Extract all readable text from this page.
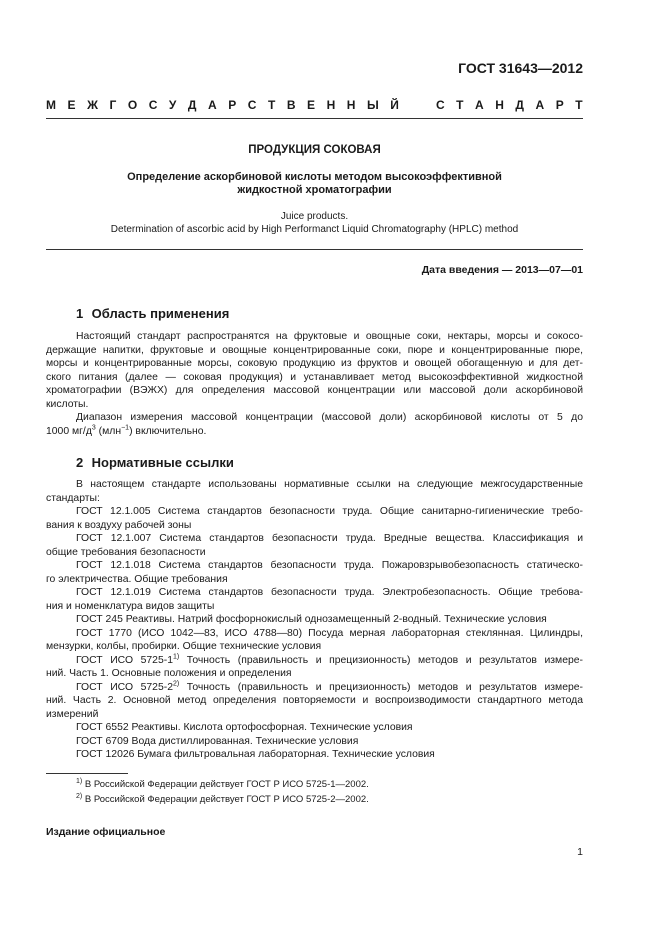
ГОСТ 31643—2012
М Е Ж Г О С У Д А Р С Т В Е Н Н Ы Й	С Т А Н Д А Р Т
ПРОДУКЦИЯ СОКОВАЯ
Определение аскорбиновой кислоты методом высокоэффективной
жидкостной хроматографии
Juice products.
Determination of ascorbic acid by High Performanct Liquid Chromatography (HPLC) method
Дата введения — 2013—07—01
1 Область применения
Настоящий стандарт распространятся на фруктовые и овощные соки, нектары, морсы и сокосо-
держащие напитки, фруктовые и овощные концентрированные соки, пюре и концентрированные пюре,
морсы и концентрированные морсы, соковую продукцию из фруктов и овощей обогащенную и для дет-
ского питания (далее — соковая продукция) и устанавливает метод высокоэффективной жидкостной
хроматографии (ВЭЖХ) для определения массовой концентрации или массовой доли аскорбиновой
кислоты.
Диапазон измерения массовой концентрации (массовой доли) аскорбиновой кислоты от 5 до
1000 $мг/д^3$ (млн$^{-1}$) включительно.
2 Нормативные ссылки
В настоящем стандарте использованы нормативные ссылки на следующие межгосударственные
стандарты:
ГОСТ 12.1.005 Система стандартов безопасности труда. Общие санитарно-гигиенические требо-
вания к воздуху рабочей зоны
ГОСТ 12.1.007 Система стандартов безопасности труда. Вредные вещества. Классификация и
общие требования безопасности
ГОСТ 12.1.018 Система стандартов безопасности труда. Пожаровзрывобезопасность статическо-
го электричества. Общие требования
ГОСТ 12.1.019 Система стандартов безопасности труда. Электробезопасность. Общие требова-
ния и номенклатура видов защиты
ГОСТ 245 Реактивы. Натрий фосфорнокислый однозамещенный 2-водный. Технические условия
ГОСТ 1770 (ИСО 1042—83, ИСО 4788—80) Посуда мерная лабораторная стеклянная. Цилиндры,
мензурки, колбы, пробирки. Общие технические условия
ГОСТ ИСО 5725-1$^{1)}$ Точность (правильность и прецизионность) методов и результатов измере-
ний. Часть 1. Основные положения и определения
ГОСТ ИСО 5725-2$^{2)}$ Точность (правильность и прецизионность) методов и результатов измере-
ний. Часть 2. Основной метод определения повторяемости и воспроизводимости стандартного метода
измерений
ГОСТ 6552 Реактивы. Кислота ортофосфорная. Технические условия
ГОСТ 6709 Вода дистиллированная. Технические условия
ГОСТ 12026 Бумага фильтровальная лабораторная. Технические условия
$^{1)}$ В Российской Федерации действует ГОСТ Р ИСО 5725-1—2002.
$^{2)}$ В Российской Федерации действует ГОСТ Р ИСО 5725-2—2002.
Издание официальное
1
